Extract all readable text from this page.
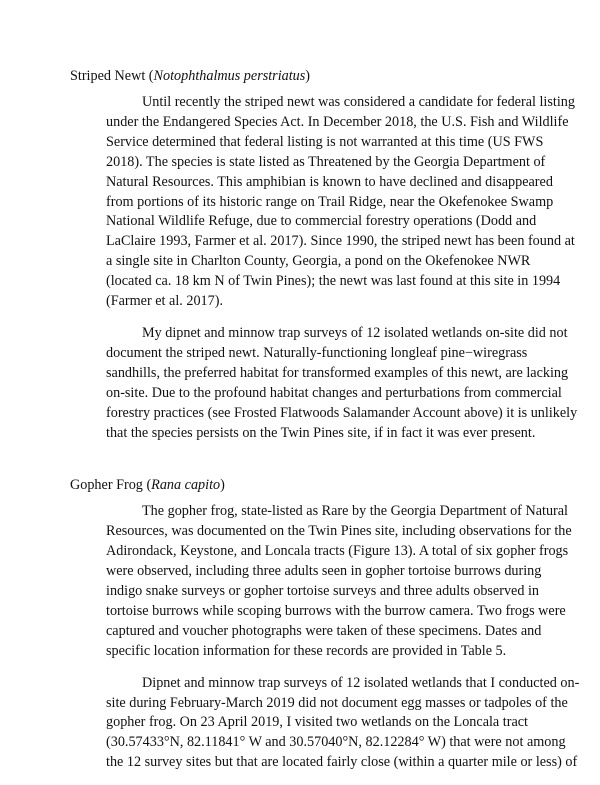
Striped Newt (Notophthalmus perstriatus)
Until recently the striped newt was considered a candidate for federal listing
under the Endangered Species Act. In December 2018, the U.S. Fish and Wildlife
Service determined that federal listing is not warranted at this time (US FWS
2018). The species is state listed as Threatened by the Georgia Department of
Natural Resources. This amphibian is known to have declined and disappeared
from portions of its historic range on Trail Ridge, near the Okefenokee Swamp
National Wildlife Refuge, due to commercial forestry operations (Dodd and
LaClaire 1993, Farmer et al. 2017). Since 1990, the striped newt has been found at
a single site in Charlton County, Georgia, a pond on the Okefenokee NWR
(located ca. 18 km N of Twin Pines); the newt was last found at this site in 1994
(Farmer et al. 2017).
My dipnet and minnow trap surveys of 12 isolated wetlands on-site did not
document the striped newt. Naturally-functioning longleaf pine−wiregrass
sandhills, the preferred habitat for transformed examples of this newt, are lacking
on-site. Due to the profound habitat changes and perturbations from commercial
forestry practices (see Frosted Flatwoods Salamander Account above) it is unlikely
that the species persists on the Twin Pines site, if in fact it was ever present.
Gopher Frog (Rana capito)
The gopher frog, state-listed as Rare by the Georgia Department of Natural
Resources, was documented on the Twin Pines site, including observations for the
Adirondack, Keystone, and Loncala tracts (Figure 13). A total of six gopher frogs
were observed, including three adults seen in gopher tortoise burrows during
indigo snake surveys or gopher tortoise surveys and three adults observed in
tortoise burrows while scoping burrows with the burrow camera. Two frogs were
captured and voucher photographs were taken of these specimens. Dates and
specific location information for these records are provided in Table 5.
Dipnet and minnow trap surveys of 12 isolated wetlands that I conducted on-
site during February-March 2019 did not document egg masses or tadpoles of the
gopher frog. On 23 April 2019, I visited two wetlands on the Loncala tract
(30.57433°N, 82.11841° W and 30.57040°N, 82.12284° W) that were not among
the 12 survey sites but that are located fairly close (within a quarter mile or less) of
